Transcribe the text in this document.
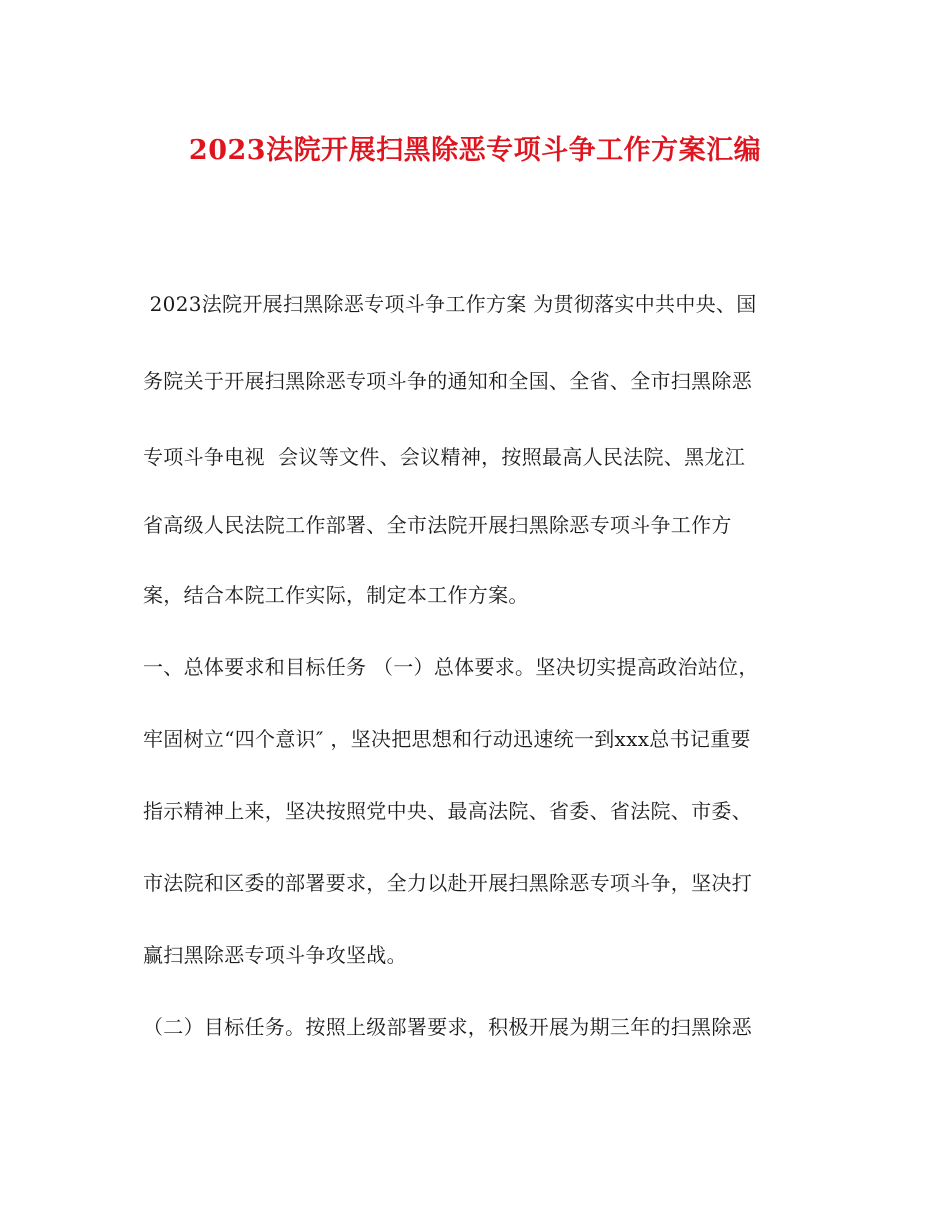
2023法院开展扫黑除恶专项斗争工作方案汇编
2023法院开展扫黑除恶专项斗争工作方案 为贯彻落实中共中央、国
务院关于开展扫黑除恶专项斗争的通知和全国、全省、全市扫黑除恶
专项斗争电视  会议等文件、会议精神，按照最高人民法院、黑龙江
省高级人民法院工作部署、全市法院开展扫黑除恶专项斗争工作方
案，结合本院工作实际，制定本工作方案。
一、总体要求和目标任务 （一）总体要求。坚决切实提高政治站位，
牢固树立“四个意识″ ，坚决把思想和行动迅速统一到xxx总书记重要
指示精神上来，坚决按照党中央、最高法院、省委、省法院、市委、
市法院和区委的部署要求，全力以赴开展扫黑除恶专项斗争，坚决打
赢扫黑除恶专项斗争攻坚战。
（二）目标任务。按照上级部署要求，积极开展为期三年的扫黑除恶
